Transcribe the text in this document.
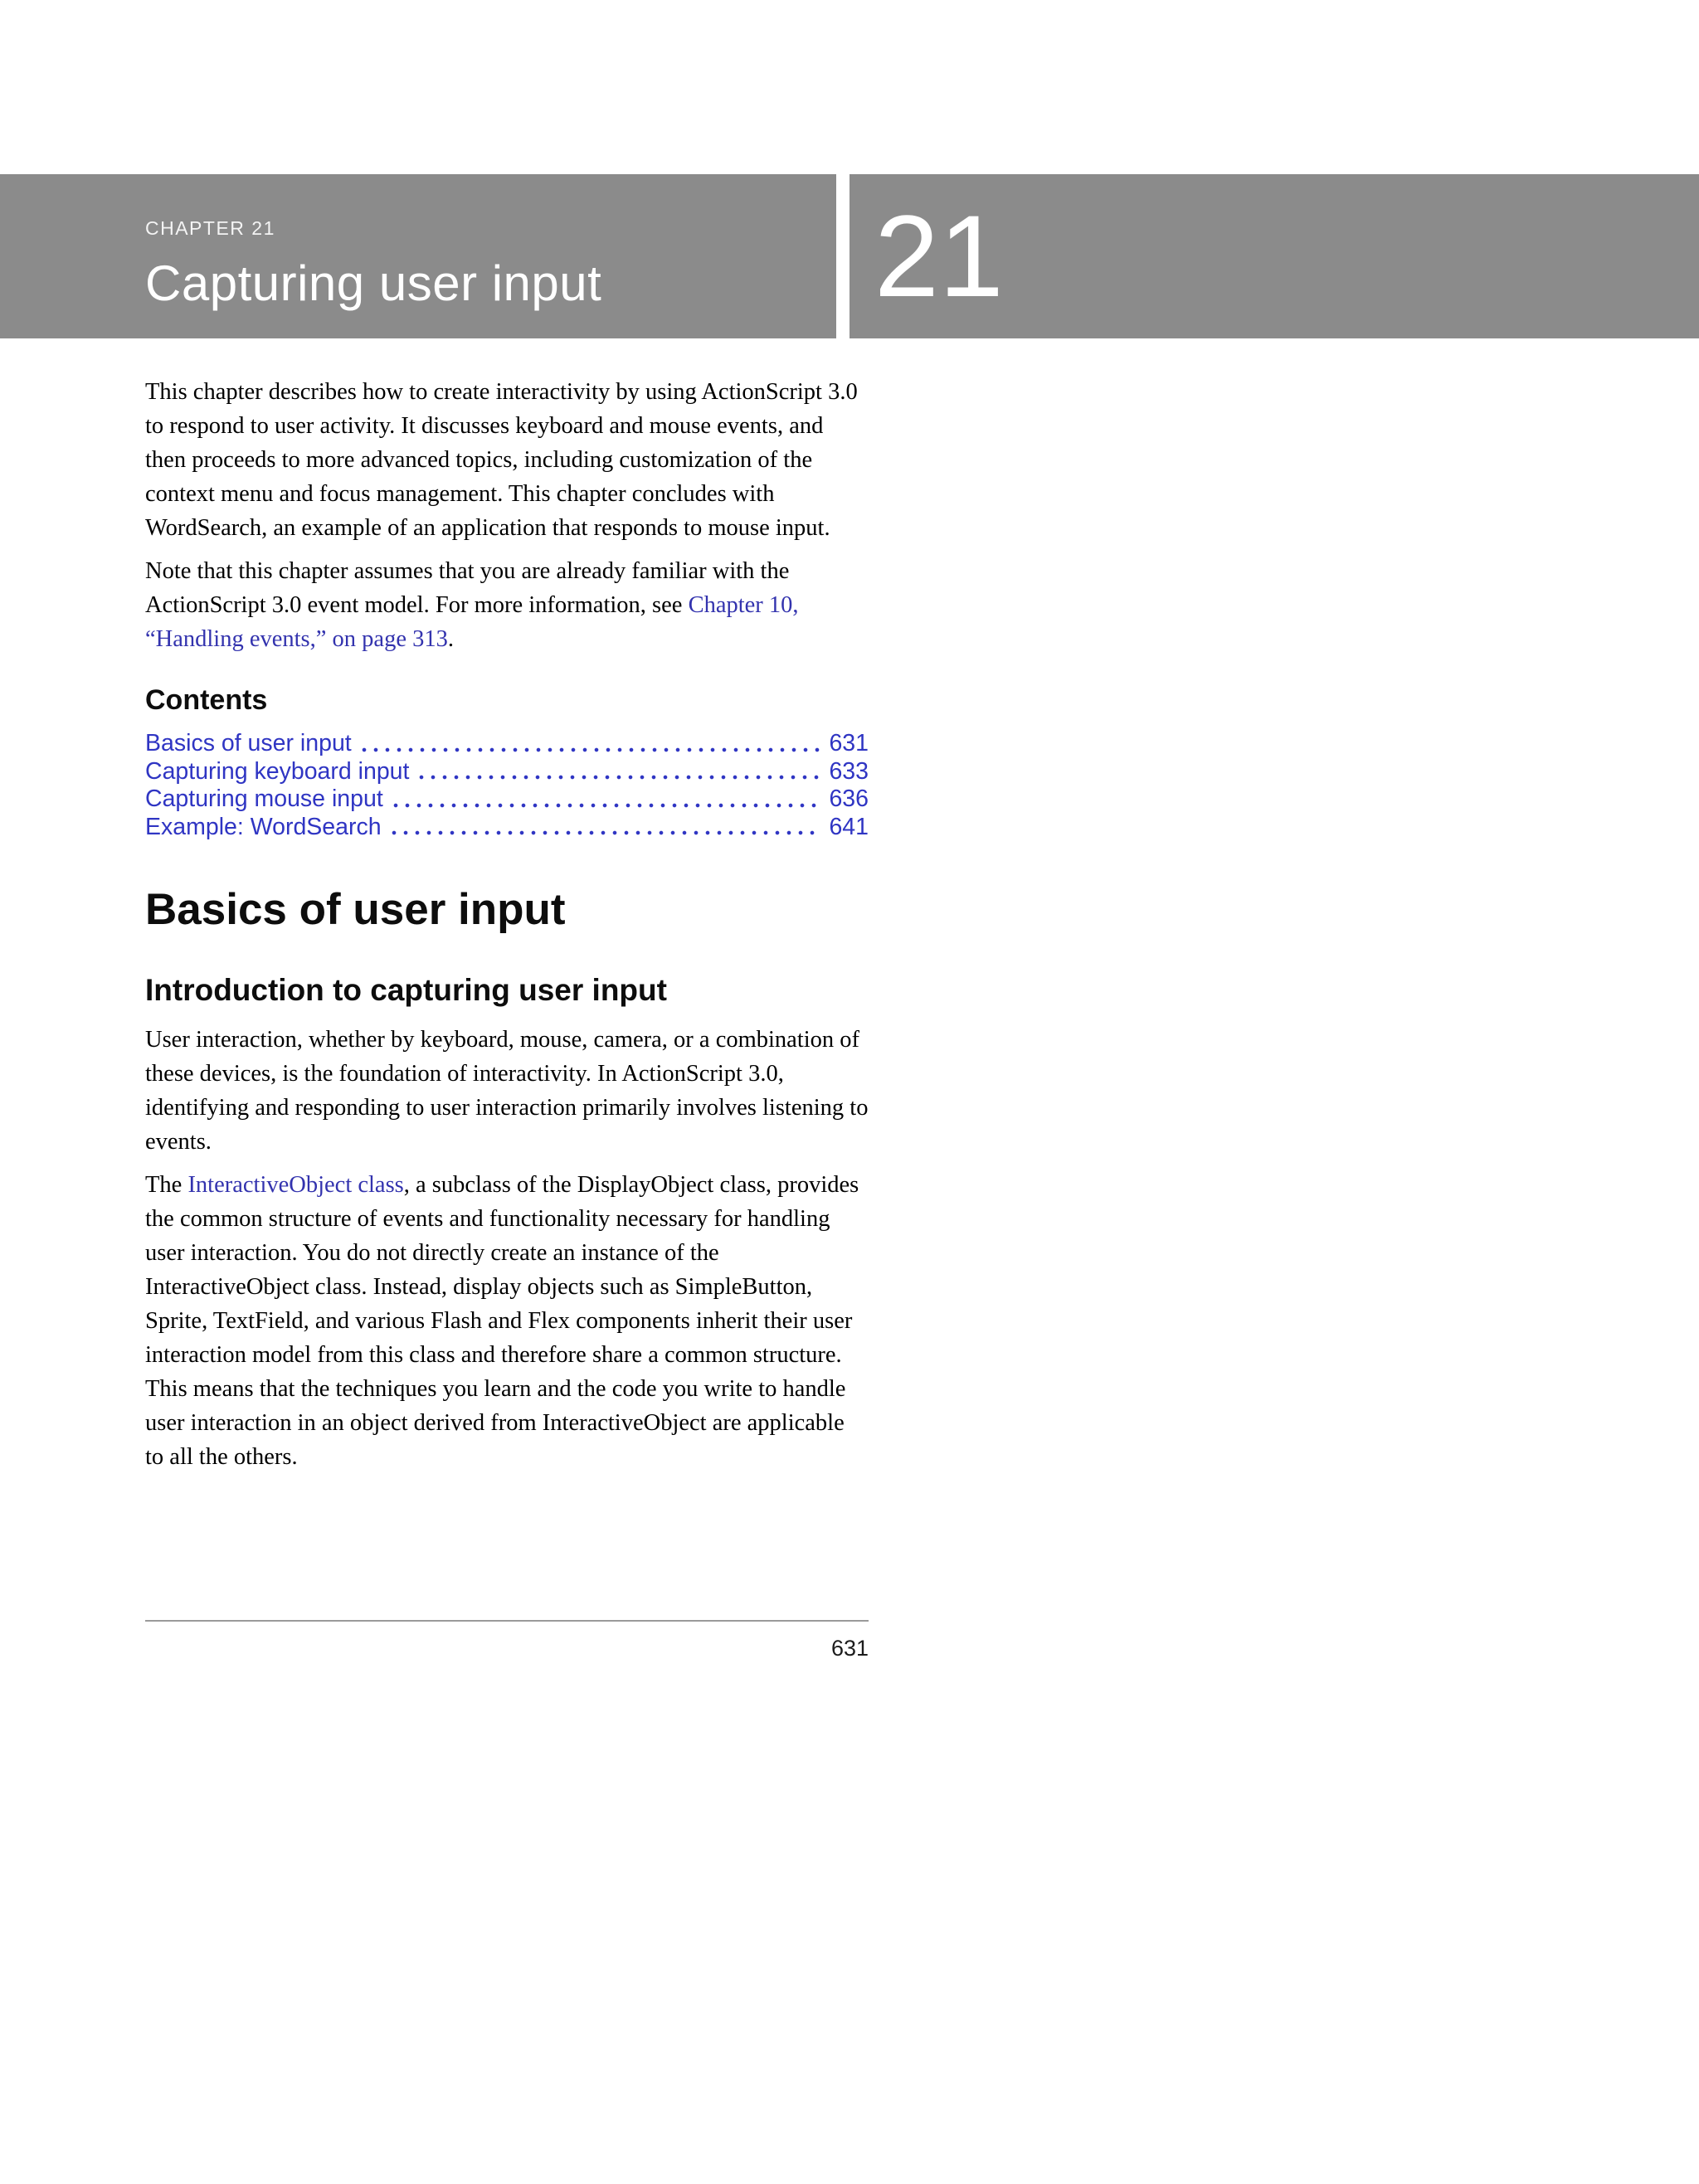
CHAPTER 21
Capturing user input	21

This chapter describes how to create interactivity by using ActionScript 3.0 to respond to user activity. It discusses keyboard and mouse events, and then proceeds to more advanced topics, including customization of the context menu and focus management. This chapter concludes with WordSearch, an example of an application that responds to mouse input.

Note that this chapter assumes that you are already familiar with the ActionScript 3.0 event model. For more information, see Chapter 10, “Handling events,” on page 313.

Contents
Basics of user input	631
Capturing keyboard input	633
Capturing mouse input	636
Example: WordSearch	641
Basics of user input
Introduction to capturing user input

User interaction, whether by keyboard, mouse, camera, or a combination of these devices, is the foundation of interactivity. In ActionScript 3.0, identifying and responding to user interaction primarily involves listening to events.

The InteractiveObject class, a subclass of the DisplayObject class, provides the common structure of events and functionality necessary for handling user interaction. You do not directly create an instance of the InteractiveObject class. Instead, display objects such as SimpleButton, Sprite, TextField, and various Flash and Flex components inherit their user interaction model from this class and therefore share a common structure. This means that the techniques you learn and the code you write to handle user interaction in an object derived from InteractiveObject are applicable to all the others.

631
